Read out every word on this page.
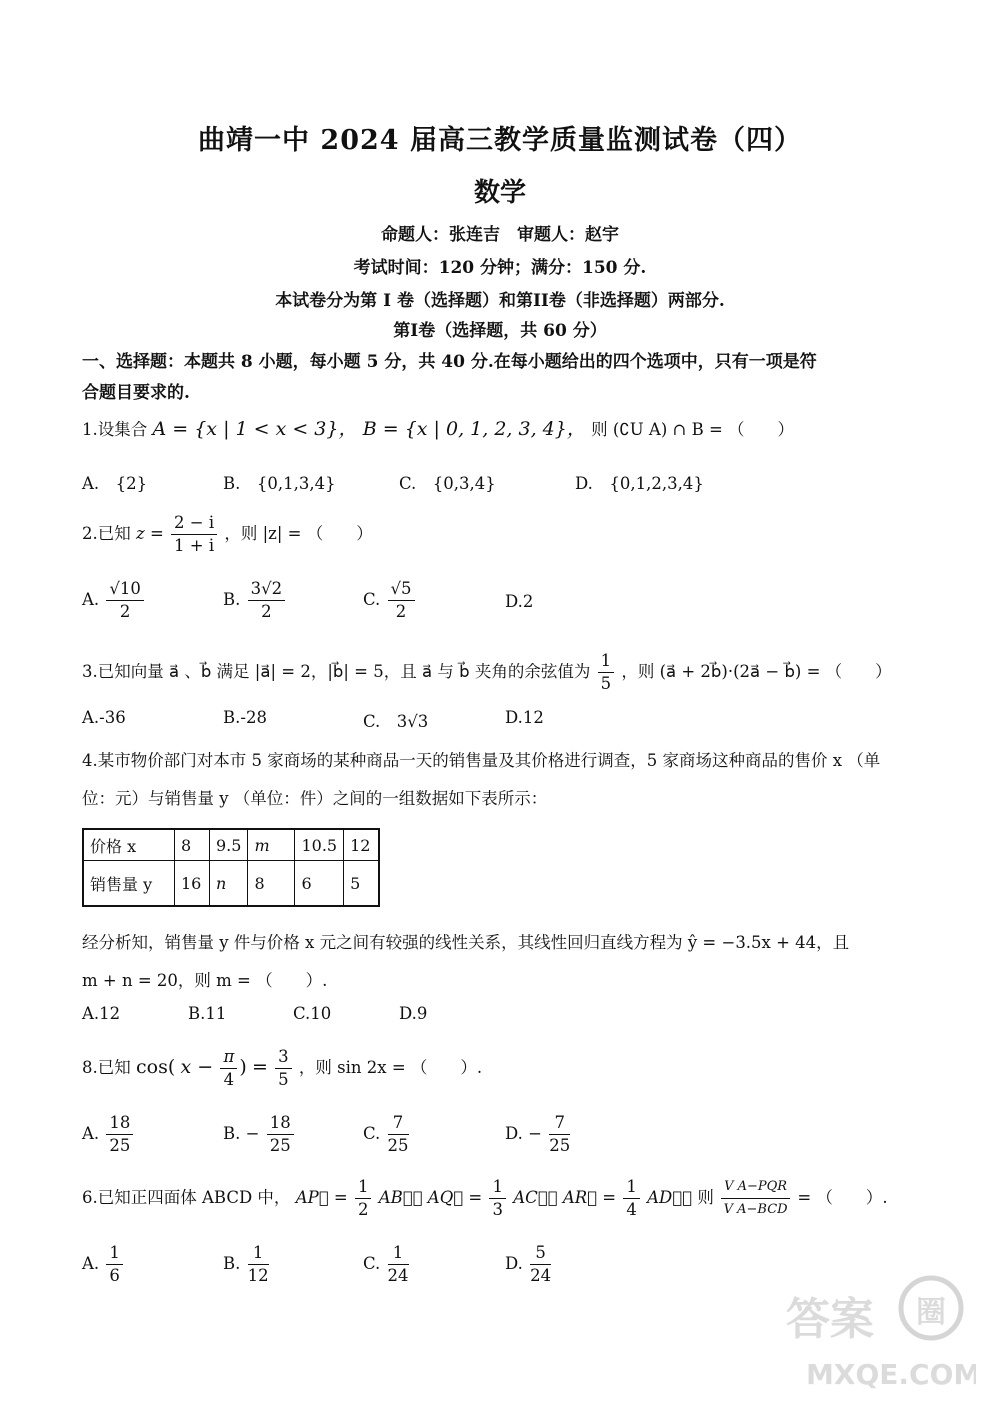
曲靖一中 2024 届高三教学质量监测试卷（四）
数学
命题人：张连吉　审题人：赵宇
考试时间：120 分钟；满分：150 分.
本试卷分为第 I 卷（选择题）和第II卷（非选择题）两部分.
第I卷（选择题，共 60 分）
一、选择题：本题共 8 小题，每小题 5 分，共 40 分.在每小题给出的四个选项中，只有一项是符
合题目要求的.
1.设集合 A = {x | 1 < x < 3}， B = {x | 0, 1, 2, 3, 4}， 则 (∁U A) ∩ B = （　　）
A.　{2}	B.　{0,1,3,4}	C.　{0,3,4}	D.　{0,1,2,3,4}
2.已知 $z = \frac{2 - i}{1 + i}$ ，则 |z| = （　　）
A. $\frac{√10}{2}$	B. $\frac{3√2}{2}$	C. $\frac{√5}{2}$	D.2
3.已知向量 a⃗ 、b⃗ 满足 |a⃗| = 2，|b⃗| = 5，且 a⃗ 与 b⃗ 夹角的余弦值为 $\frac{1}{5}$ ，则 (a⃗ + 2b⃗)·(2a⃗ − b⃗) = （　　）
A.-36	B.-28	C.　3√3	D.12
4.某市物价部门对本市 5 家商场的某种商品一天的销售量及其价格进行调查，5 家商场这种商品的售价 x （单
位：元）与销售量 y （单位：件）之间的一组数据如下表所示：
价格 x	8	9.5	m	10.5	12
销售量 y	16	n	8	6	5
经分析知，销售量 y 件与价格 x 元之间有较强的线性关系，其线性回归直线方程为 ŷ = −3.5x + 44，且
m + n = 20，则 m = （　　）.
A.12	B.11	C.10	D.9
8.已知 cos( $x - \frac{\pi}{4}$ ) = $\frac{3}{5}$ ，则 sin 2x = （　　）.
A. $\frac{18}{25}$	B. − $\frac{18}{25}$	C. $\frac{7}{25}$	D. − $\frac{7}{25}$
6.已知正四面体 ABCD 中， AP⃗ = $\frac{1}{2}$ AB⃗， AQ⃗ = $\frac{1}{3}$ AC⃗， AR⃗ = $\frac{1}{4}$ AD⃗， 则 $\frac{\text{V A−PQR}}{\text{V A−BCD}}$ = （　　）.
A. $\frac{1}{6}$	B. $\frac{1}{12}$	C. $\frac{1}{24}$	D. $\frac{5}{24}$
答案 圈
MXQE.COM
